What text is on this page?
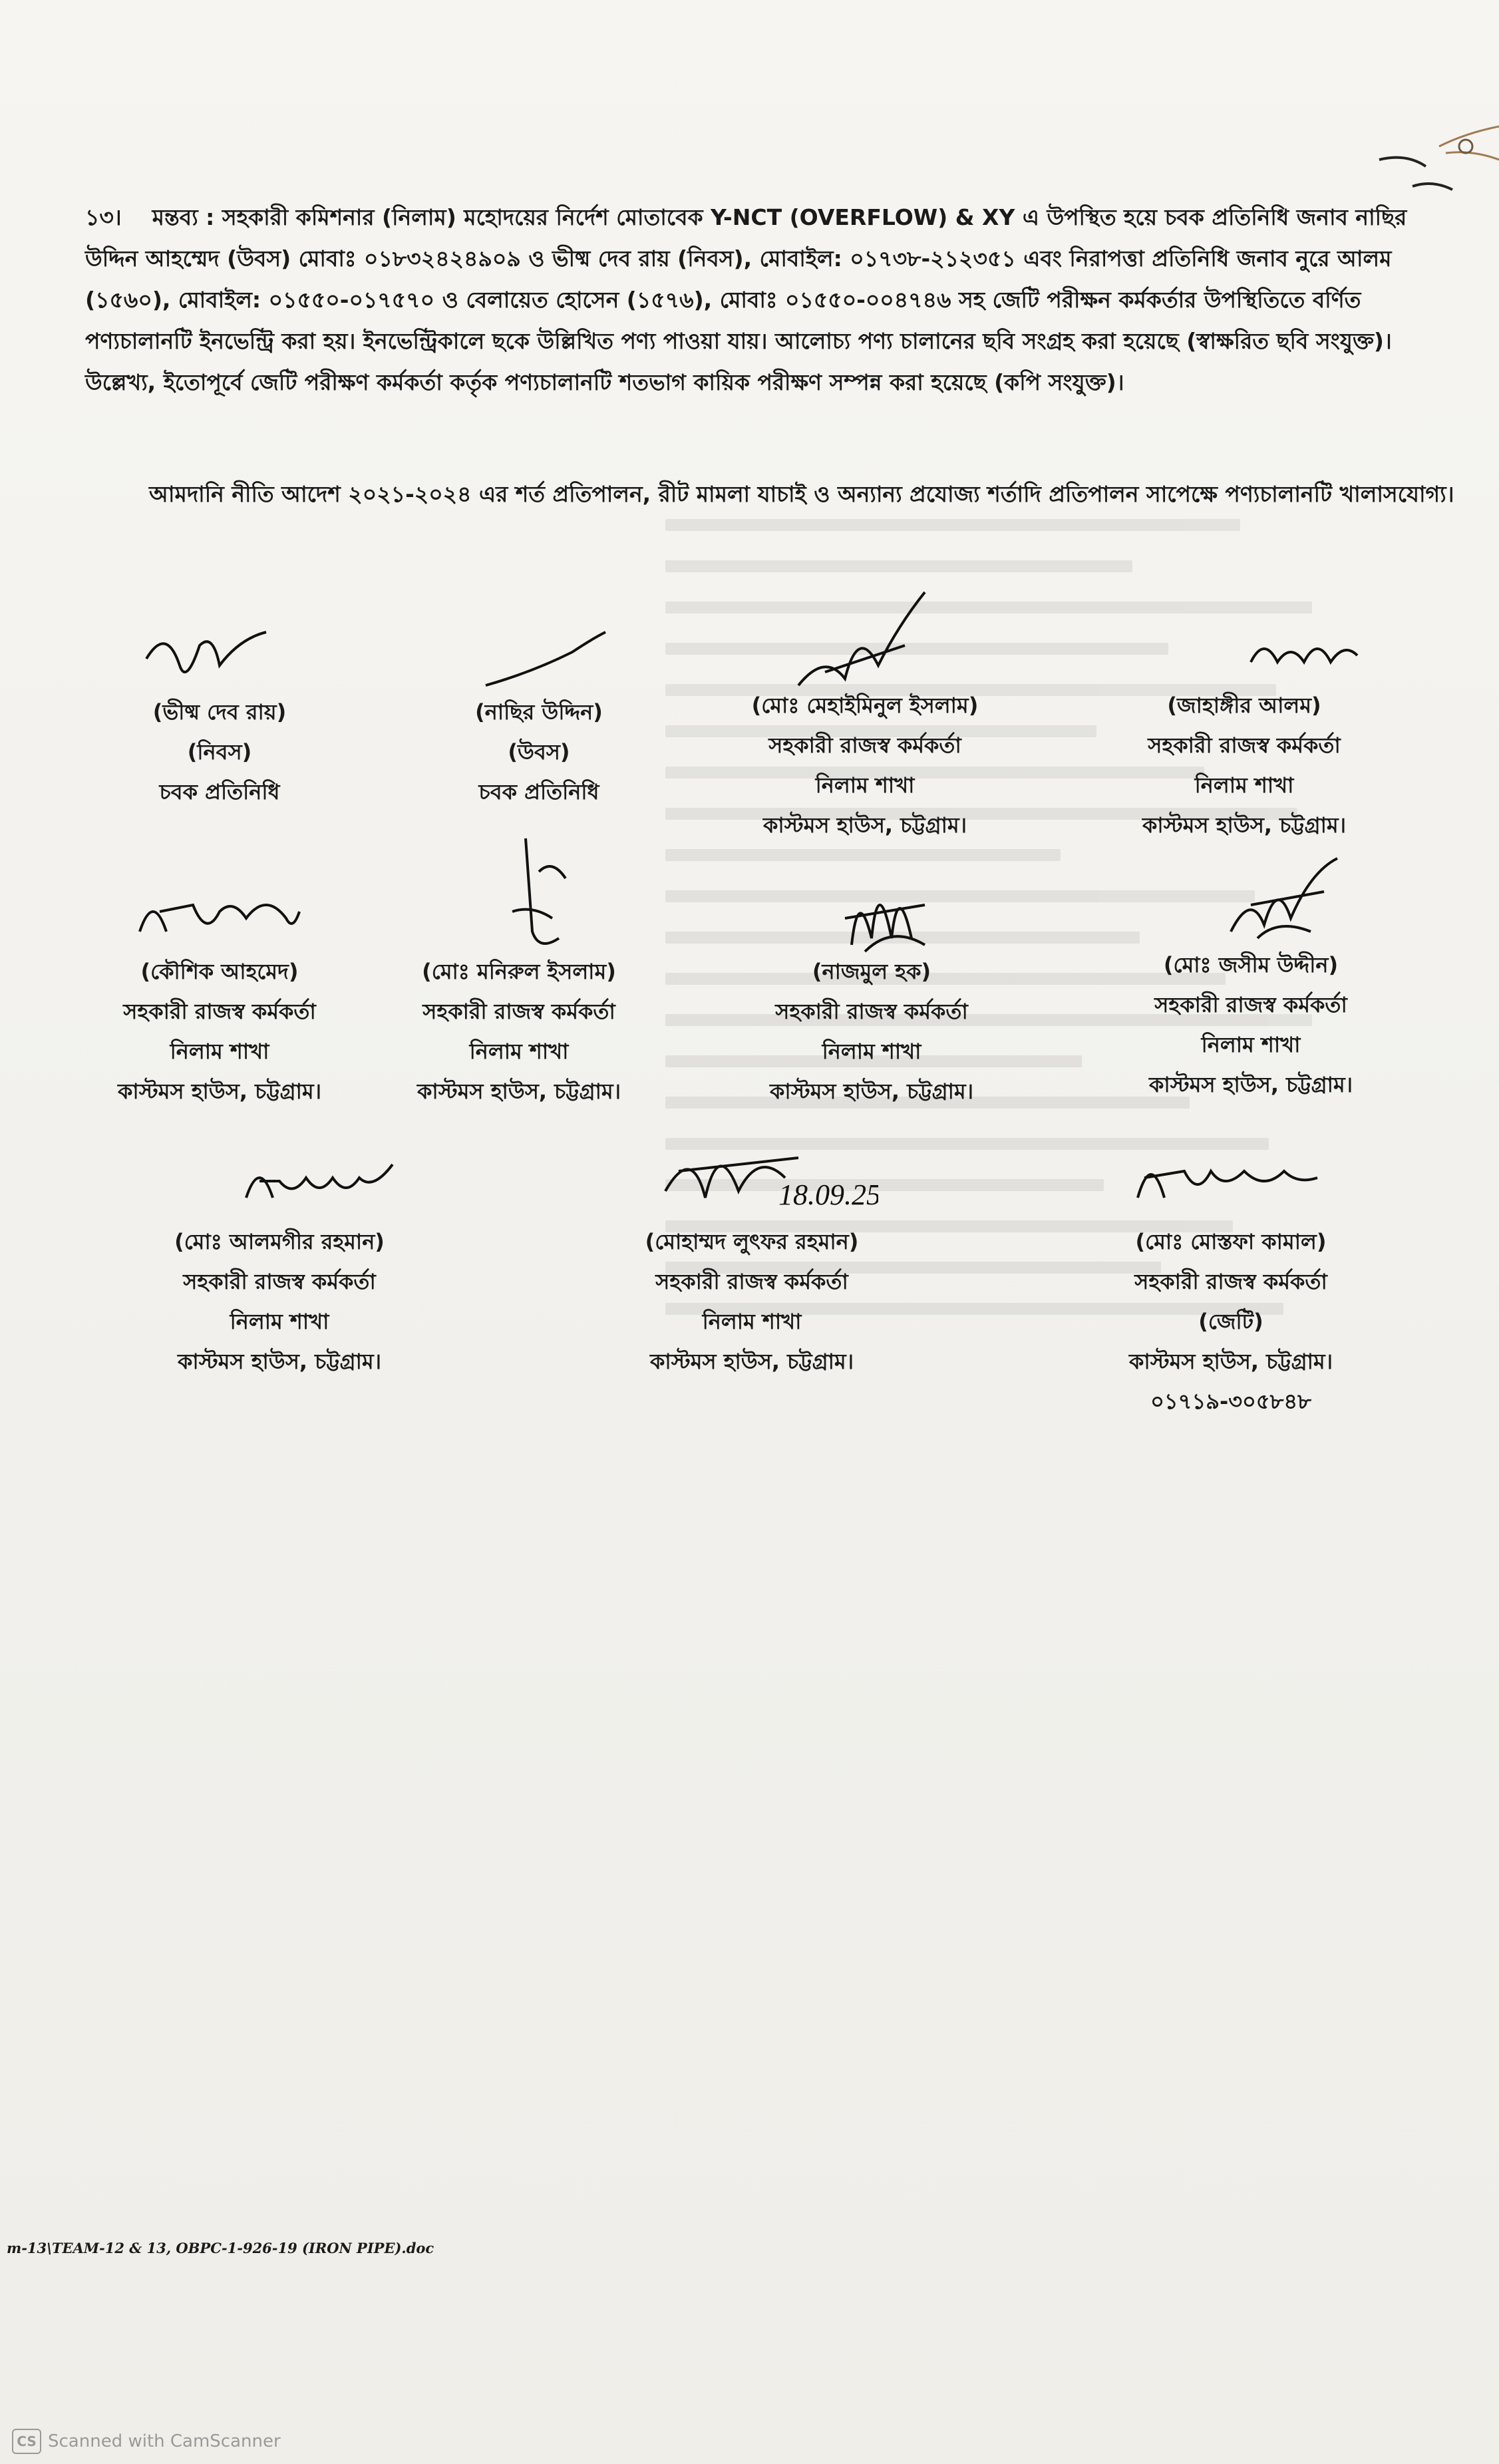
১৩। মন্তব্য : সহকারী কমিশনার (নিলাম) মহোদয়ের নির্দেশ মোতাবেক Y-NCT (OVERFLOW) & XY এ উপস্থিত হয়ে চবক প্রতিনিধি জনাব নাছির উদ্দিন আহম্মেদ (উবস) মোবাঃ ০১৮৩২৪২৪৯০৯ ও ভীষ্ম দেব রায় (নিবস), মোবাইল: ০১৭৩৮-২১২৩৫১ এবং নিরাপত্তা প্রতিনিধি জনাব নুরে আলম (১৫৬০), মোবাইল: ০১৫৫০-০১৭৫৭০ ও বেলায়েত হোসেন (১৫৭৬), মোবাঃ ০১৫৫০-০০৪৭৪৬ সহ জেটি পরীক্ষন কর্মকর্তার উপস্থিতিতে বর্ণিত পণ্যচালানটি ইনভেন্ট্রি করা হয়। ইনভেন্ট্রিকালে ছকে উল্লিখিত পণ্য পাওয়া যায়। আলোচ্য পণ্য চালানের ছবি সংগ্রহ করা হয়েছে (স্বাক্ষরিত ছবি সংযুক্ত)। উল্লেখ্য, ইতোপূর্বে জেটি পরীক্ষণ কর্মকর্তা কর্তৃক পণ্যচালানটি শতভাগ কায়িক পরীক্ষণ সম্পন্ন করা হয়েছে (কপি সংযুক্ত)।
আমদানি নীতি আদেশ ২০২১-২০২৪ এর শর্ত প্রতিপালন, রীট মামলা যাচাই ও অন্যান্য প্রযোজ্য শর্তাদি প্রতিপালন সাপেক্ষে পণ্যচালানটি খালাসযোগ্য।
18.09.25
(ভীষ্ম দেব রায়)
(নিবস)
চবক প্রতিনিধি
(নাছির উদ্দিন)
(উবস)
চবক প্রতিনিধি
(মোঃ মেহাইমিনুল ইসলাম)
সহকারী রাজস্ব কর্মকর্তা
নিলাম শাখা
কাস্টমস হাউস, চট্টগ্রাম।
(জাহাঙ্গীর আলম)
সহকারী রাজস্ব কর্মকর্তা
নিলাম শাখা
কাস্টমস হাউস, চট্টগ্রাম।
(কৌশিক আহমেদ)
সহকারী রাজস্ব কর্মকর্তা
নিলাম শাখা
কাস্টমস হাউস, চট্টগ্রাম।
(মোঃ মনিরুল ইসলাম)
সহকারী রাজস্ব কর্মকর্তা
নিলাম শাখা
কাস্টমস হাউস, চট্টগ্রাম।
(নাজমুল হক)
সহকারী রাজস্ব কর্মকর্তা
নিলাম শাখা
কাস্টমস হাউস, চট্টগ্রাম।
(মোঃ জসীম উদ্দীন)
সহকারী রাজস্ব কর্মকর্তা
নিলাম শাখা
কাস্টমস হাউস, চট্টগ্রাম।
(মোঃ আলমগীর রহমান)
সহকারী রাজস্ব কর্মকর্তা
নিলাম শাখা
কাস্টমস হাউস, চট্টগ্রাম।
(মোহাম্মদ লুৎফর রহমান)
সহকারী রাজস্ব কর্মকর্তা
নিলাম শাখা
কাস্টমস হাউস, চট্টগ্রাম।
(মোঃ মোস্তফা কামাল)
সহকারী রাজস্ব কর্মকর্তা
(জেটি)
কাস্টমস হাউস, চট্টগ্রাম।
০১৭১৯-৩০৫৮৪৮
m-13\TEAM-12 & 13, OBPC-1-926-19 (IRON PIPE).doc
CS Scanned with CamScanner
